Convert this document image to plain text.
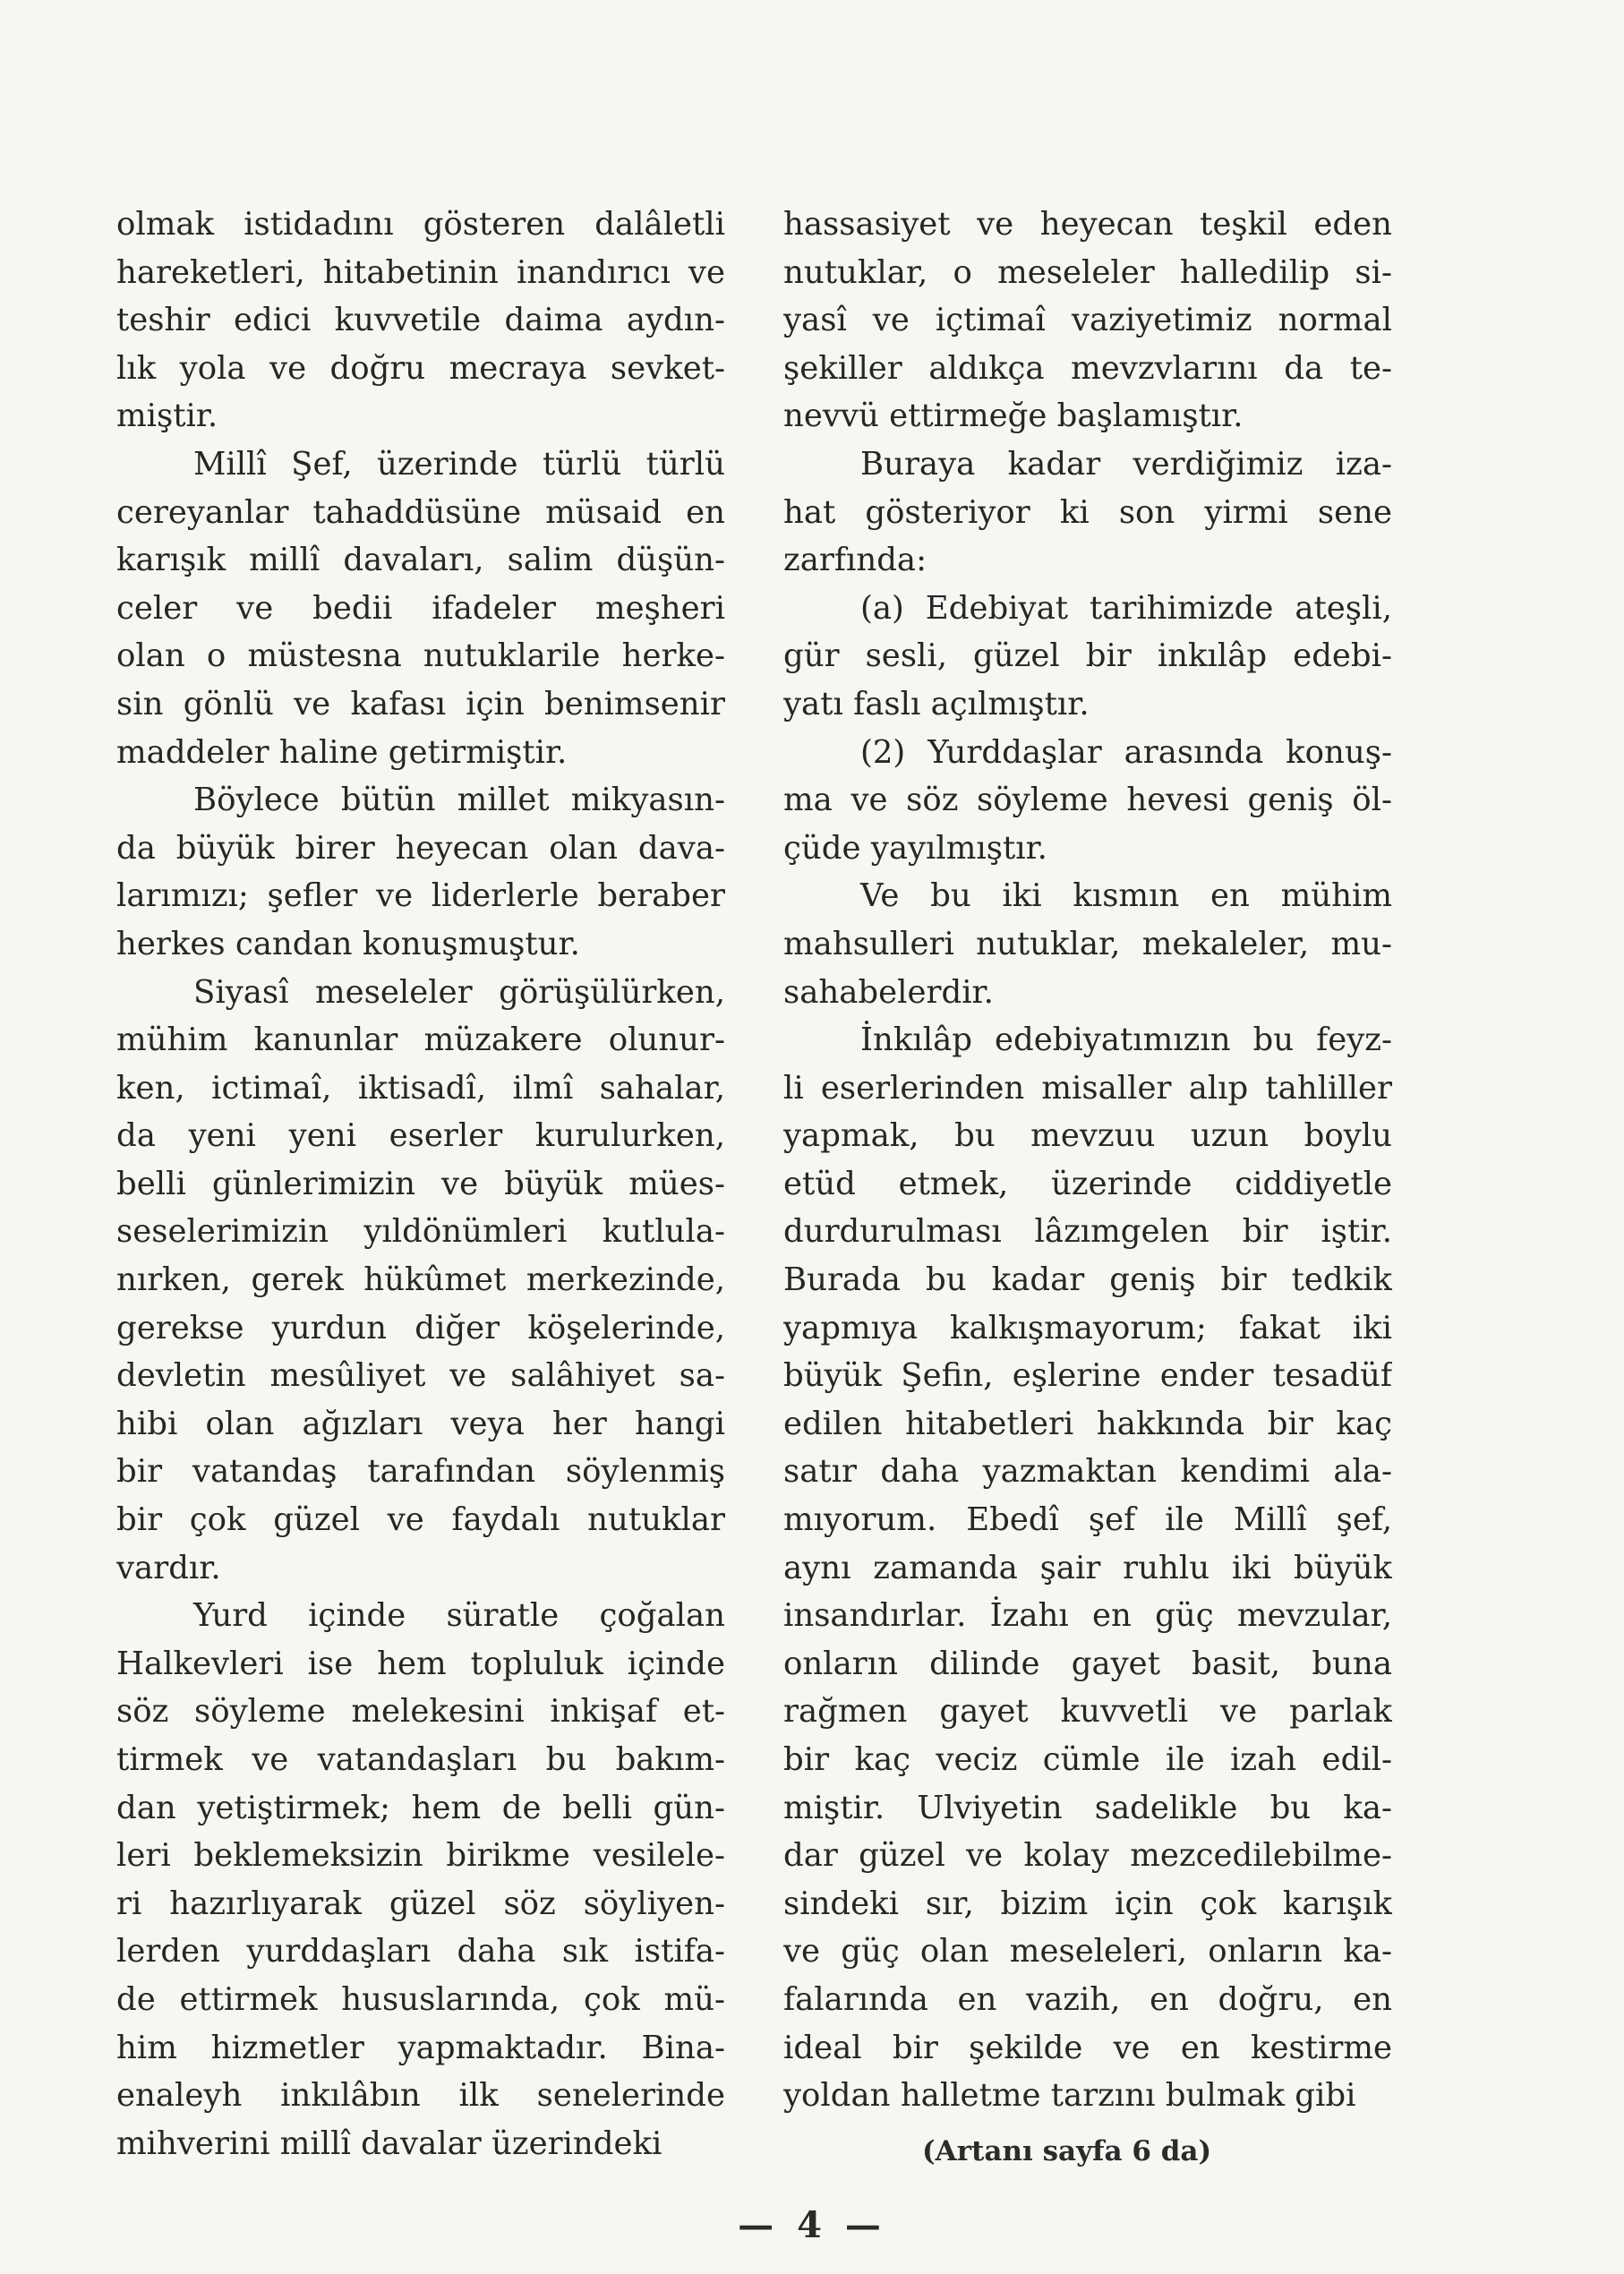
olmak istidadını gösteren dalâletli
hareketleri, hitabetinin inandırıcı ve
teshir edici kuvvetile daima aydın-
lık yola ve doğru mecraya sevket-
miştir.
Millî Şef, üzerinde türlü türlü
cereyanlar tahaddüsüne müsaid en
karışık millî davaları, salim düşün-
celer ve bedii ifadeler meşheri
olan o müstesna nutuklarile herke-
sin gönlü ve kafası için benimsenir
maddeler haline getirmiştir.
Böylece bütün millet mikyasın-
da büyük birer heyecan olan dava-
larımızı; şefler ve liderlerle beraber
herkes candan konuşmuştur.
Siyasî meseleler görüşülürken,
mühim kanunlar müzakere olunur-
ken, ictimaî, iktisadî, ilmî sahalar,
da yeni yeni eserler kurulurken,
belli günlerimizin ve büyük mües-
seselerimizin yıldönümleri kutlula-
nırken, gerek hükûmet merkezinde,
gerekse yurdun diğer köşelerinde,
devletin mesûliyet ve salâhiyet sa-
hibi olan ağızları veya her hangi
bir vatandaş tarafından söylenmiş
bir çok güzel ve faydalı nutuklar
vardır.
Yurd içinde süratle çoğalan
Halkevleri ise hem topluluk içinde
söz söyleme melekesini inkişaf et-
tirmek ve vatandaşları bu bakım-
dan yetiştirmek; hem de belli gün-
leri beklemeksizin birikme vesilele-
ri hazırlıyarak güzel söz söyliyen-
lerden yurddaşları daha sık istifa-
de ettirmek hususlarında, çok mü-
him hizmetler yapmaktadır. Bina-
enaleyh inkılâbın ilk senelerinde
mihverini millî davalar üzerindeki
hassasiyet ve heyecan teşkil eden
nutuklar, o meseleler halledilip si-
yasî ve içtimaî vaziyetimiz normal
şekiller aldıkça mevzvlarını da te-
nevvü ettirmeğe başlamıştır.
Buraya kadar verdiğimiz iza-
hat gösteriyor ki son yirmi sene
zarfında:
(a) Edebiyat tarihimizde ateşli,
gür sesli, güzel bir inkılâp edebi-
yatı faslı açılmıştır.
(2) Yurddaşlar arasında konuş-
ma ve söz söyleme hevesi geniş öl-
çüde yayılmıştır.
Ve bu iki kısmın en mühim
mahsulleri nutuklar, mekaleler, mu-
sahabelerdir.
İnkılâp edebiyatımızın bu feyz-
li eserlerinden misaller alıp tahliller
yapmak, bu mevzuu uzun boylu
etüd etmek, üzerinde ciddiyetle
durdurulması lâzımgelen bir iştir.
Burada bu kadar geniş bir tedkik
yapmıya kalkışmayorum; fakat iki
büyük Şefin, eşlerine ender tesadüf
edilen hitabetleri hakkında bir kaç
satır daha yazmaktan kendimi ala-
mıyorum. Ebedî şef ile Millî şef,
aynı zamanda şair ruhlu iki büyük
insandırlar. İzahı en güç mevzular,
onların dilinde gayet basit, buna
rağmen gayet kuvvetli ve parlak
bir kaç veciz cümle ile izah edil-
miştir. Ulviyetin sadelikle bu ka-
dar güzel ve kolay mezcedilebilme-
sindeki sır, bizim için çok karışık
ve güç olan meseleleri, onların ka-
falarında en vazih, en doğru, en
ideal bir şekilde ve en kestirme
yoldan halletme tarzını bulmak gibi
(Artanı sayfa 6 da)
— 4 —
